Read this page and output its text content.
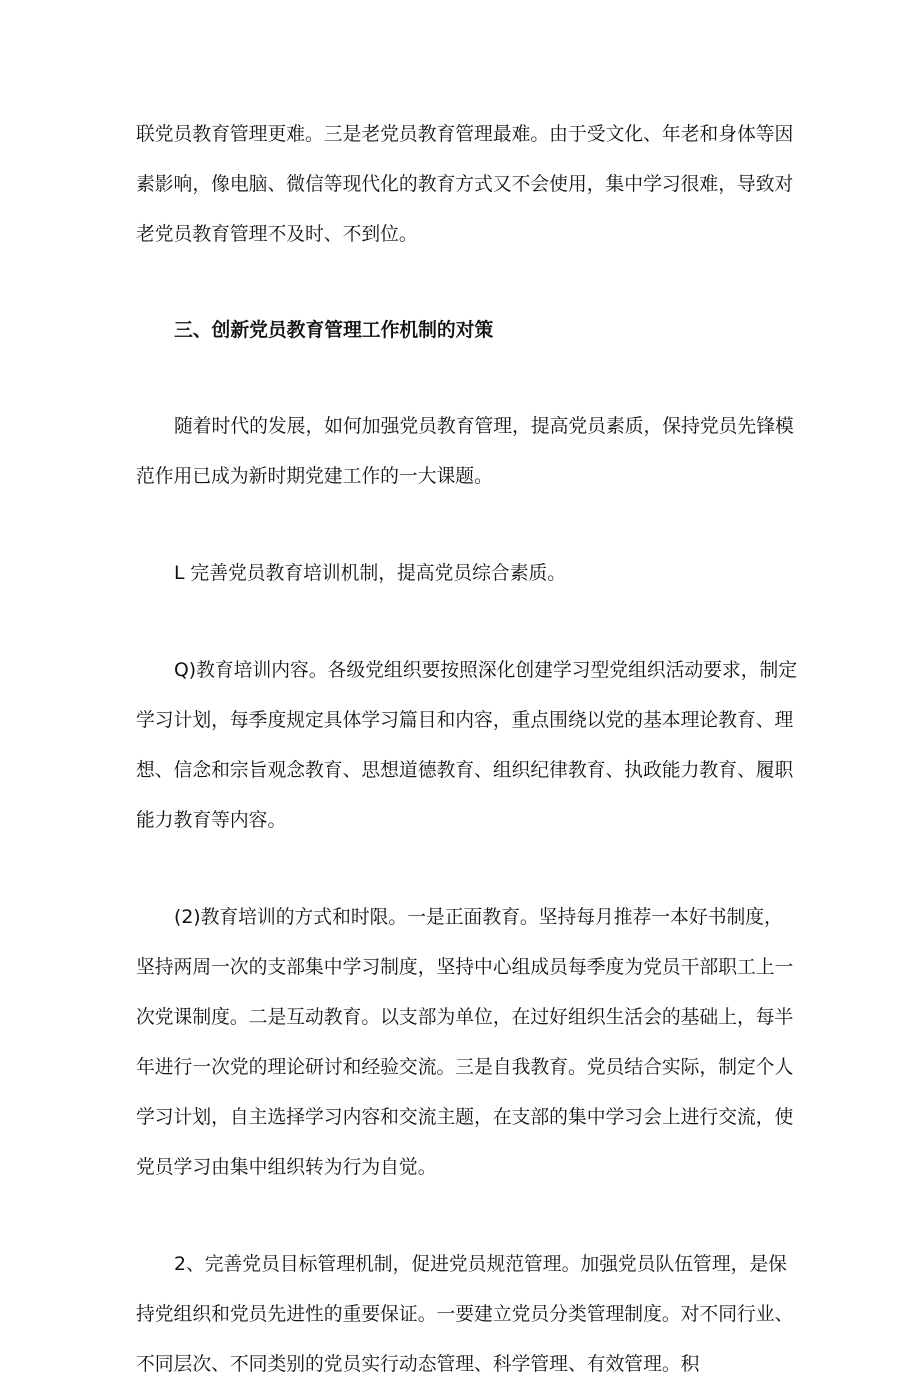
联党员教育管理更难。三是老党员教育管理最难。由于受文化、年老和身体等因
素影响，像电脑、微信等现代化的教育方式又不会使用，集中学习很难，导致对
老党员教育管理不及时、不到位。
三、创新党员教育管理工作机制的对策
随着时代的发展，如何加强党员教育管理，提高党员素质，保持党员先锋模
范作用已成为新时期党建工作的一大课题。
L 完善党员教育培训机制，提高党员综合素质。
Q)教育培训内容。各级党组织要按照深化创建学习型党组织活动要求，制定
学习计划，每季度规定具体学习篇目和内容，重点围绕以党的基本理论教育、理
想、信念和宗旨观念教育、思想道德教育、组织纪律教育、执政能力教育、履职
能力教育等内容。
(2)教育培训的方式和时限。一是正面教育。坚持每月推荐一本好书制度，
坚持两周一次的支部集中学习制度，坚持中心组成员每季度为党员干部职工上一
次党课制度。二是互动教育。以支部为单位，在过好组织生活会的基础上，每半
年进行一次党的理论研讨和经验交流。三是自我教育。党员结合实际，制定个人
学习计划，自主选择学习内容和交流主题，在支部的集中学习会上进行交流，使
党员学习由集中组织转为行为自觉。
2、完善党员目标管理机制，促进党员规范管理。加强党员队伍管理，是保
持党组织和党员先进性的重要保证。一要建立党员分类管理制度。对不同行业、
不同层次、不同类别的党员实行动态管理、科学管理、有效管理。积
